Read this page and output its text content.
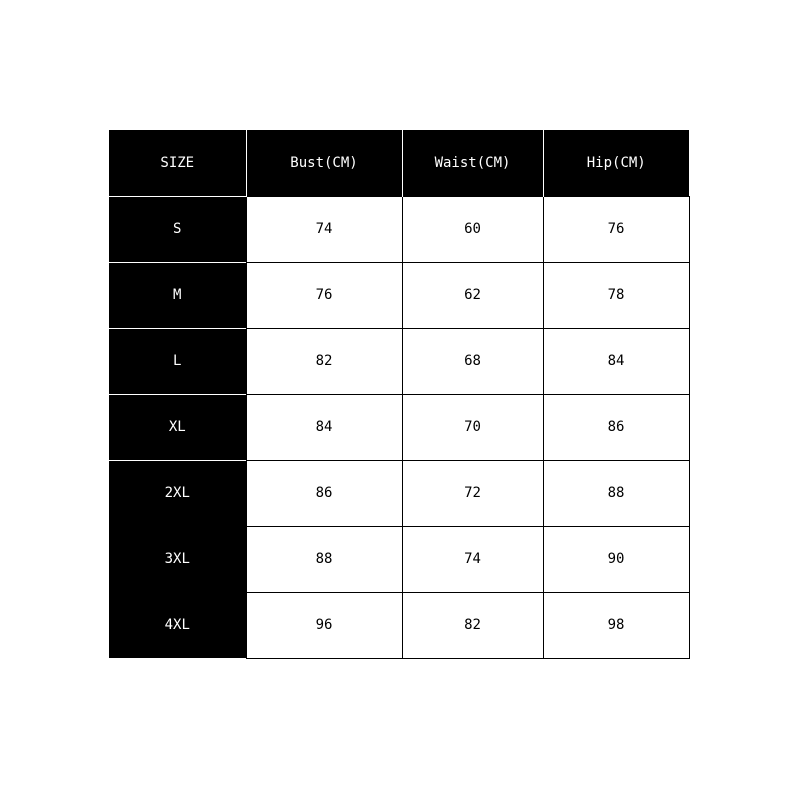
SIZE	Bust(CM)	Waist(CM)	Hip(CM)
S	74	60	76
M	76	62	78
L	82	68	84
XL	84	70	86
2XL	86	72	88
3XL	88	74	90
4XL	96	82	98
